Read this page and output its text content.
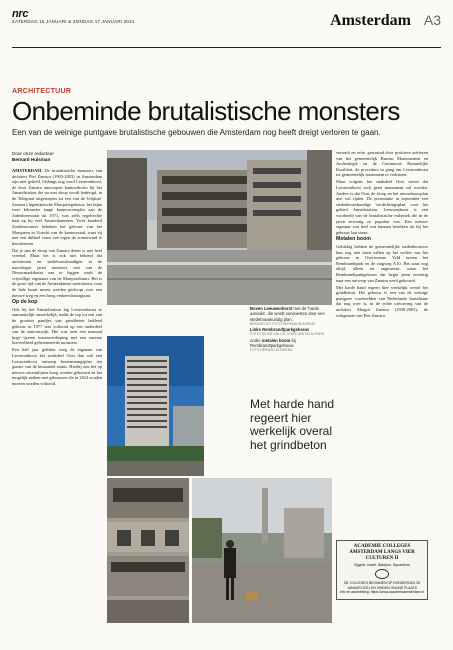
nrc
ZATERDAG 16 JANUARI & ZONDAG 17 JANUARI 2021	Amsterdam A3
ARCHITECTUUR
Onbeminde brutalistische monsters
Een van de weinige puntgave brutalistische gebouwen die Amsterdam nog heeft dreigt verloren te gaan.
Door onze redacteur
Bernard Hulsman

AMSTERDAM. De brutalistische monsters van architect Piet Zanstra (1905-2003) in Amsterdam zijn niet geliefd. Onlangs nog werd Leeuwenhorst, de door Zanstra ontworpen kantoorkolos bij het Amstelstation die nu met sloop wordt bedreigd, in de Telegraaf uitgeroepen tot een van de 'lelijkste' Zanstra's legendarische Marquisegebouw, het bijna twee kilometer lange kantoorcomplex aan de Jodenbreestraat uit 1971, was zelfs regelrechte haat op bij veel Amsterdammers. Twee honderd Stadsbewoners bekeken het gebouw van het Marqueen in Utrecht van de kantoorstad, waar zij met een dubbel vorm van tegen de zomerwind te beschermen.

Dat je aan de sloop van Zanstra denkt is niet heel vreemd. Maar het is ook niet bekend dat architecten en stedebouwkundigen in de naoorlogse jaren monsters niet van de Nieuwmarktbuurt aan te leggen zoals de vrijwillige eigenaars van de Marquisebuurt. Het is de grote tijd van de Amsterdamse metrobouw, toen de hele buurt moest worden gesloopt voor een nieuwe weg en een hoog verkeersknooppunt.

Op de kop

Ook bij het Amstelstation lag Leeuwenhorst er aanvankelijk onwerkelijk, nadat de top tot een van de grootste pandjes van grindbeton bekleed gebouw in 1977 was voltooid op een onderdeel van de stationswijk. Het was toen een massaal hoge ijzeren tussenverdieping met een enorme hoeveelheid gebetonneerde monsters.

Een half jaar geleden voeg de eigenaar van Leeuwenhorst het stadsdeel Oost dan ook een Leeuwenhorst ontwerp bestemmingsplan ten gunste van de bestaande status. Hierbij zou het op nieuwe stroomlijnen hoog worden gebouwd en het mogelijk maken met gebouwen die in 2024 zouden moeten worden voltooid.

Boven Leeuwenhorst met de 'harde aanvals', die wordt verwoesten door een stedebouwkundig plan.
BROADFOOT FOTO HERMAN BUUREND
Links Rembrandtparkgebouw
FOTO OSCAR HALLIS, KOEN VAN DE ALPHEN
onder metalen boom bij Rembrandtparkgebouw
FOTO HERMAN BUUREND
Met harde hand regeert hier werkelijk overal het grindbeton

versnelt en ertte, gestruind door positieve adviezen van het gemeentelijk Bureau Monumenten en Archeologie en de Commissie Ruimtelijke Kwaliteit, de procedure in gang om Leeuwenhorst tot gemeentelijk monument te verklaren.

Maar volgens het stadsdeel Oost weten dat Leeuwenhorst toch geen monument zal worden. Anders is dat Oost de sloop en het nieuwbouwplan niet wil rijden. De presentatie in september een stedenbouwkundige 'verdichtingsplan' voor het gebied Amstelstation. Leeuwenhorst is een voorbeeld van de brutalistische esthetiek die in de jaren zeventig zo populair was. Een nieuwe eigenaar zou heel wat kunnen bereiken als hij het gebouw laat staan.

Metalen boom

Gelukkig hebben de gemeentelijke stedenbouwers hun oog niet laten vallen op het verlies van het gebouw in Overtoomse Veld tussen het Rembrandtpark en de ringweg A10. Het staat nog altijd, alleen en ongewenst, maar het Rembrandtparkgebouw dat begin jaren zeventig naar een ontwerp van Zanstra werd gebouwd.

Met harde hand regeert hier werkelijk overal het grindbeton. Het gebouw is een van de weinige puntgave voorbeelden van Nederlands brutalisme dat nog over is, in de echte uitvoering van de architect Margot Zanstra (1939-2003), de echtgenote van Piet Zanstra.

ACADEMIE COLLEGES AMSTERDAM LANGS VIER CULTUREN II
Egypte, Israël, Babylon, Byzantium
DE COLLEGES BEGINNEN OP DONDERDAG 28 JANUARI 2021 EN VINDEN ONLINE PLAATS
Info en aanmelding: https://www.academicamsterdam.nl
